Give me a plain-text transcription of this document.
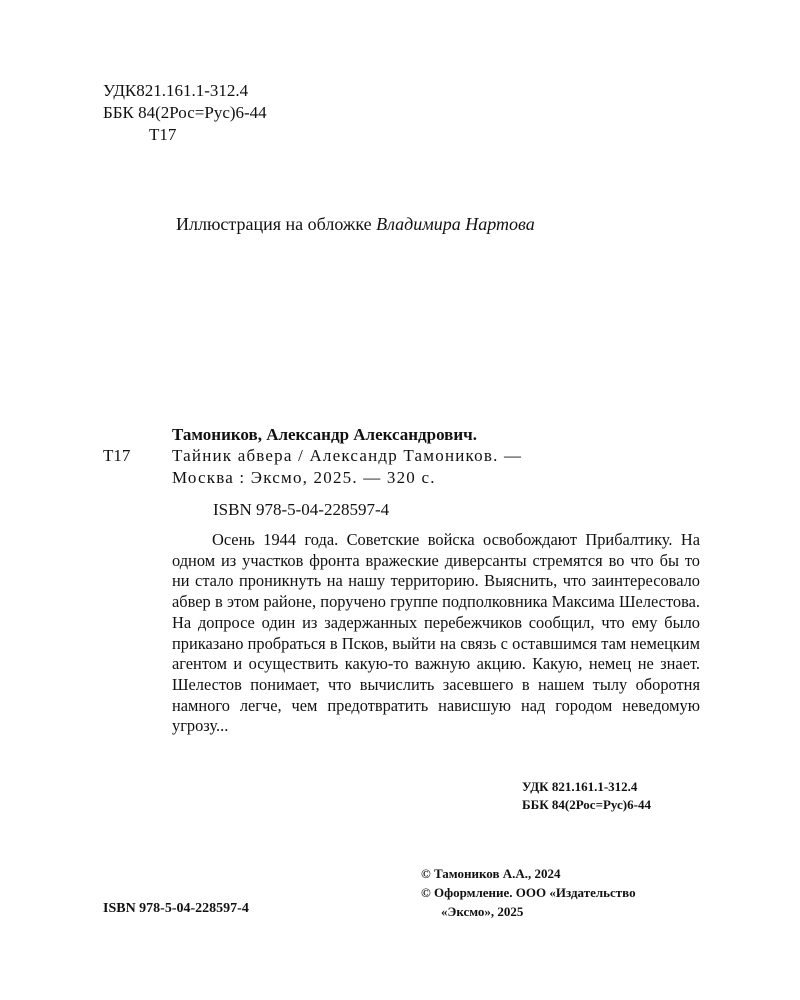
УДК821.161.1-312.4
ББК 84(2Рос=Рус)6-44
Т17
Иллюстрация на обложке Владимира Нартова
Т17
Тамоников, Александр Александрович.
Тайник абвера / Александр Тамоников. —
Москва : Эксмо, 2025. — 320 с.
ISBN 978-5-04-228597-4
Осень 1944 года. Советские войска освобождают Прибалтику. На одном из участков фронта вражеские диверсанты стремятся во что бы то ни стало проникнуть на нашу территорию. Выяснить, что заинтересовало абвер в этом районе, поручено группе подполковника Максима Шелестова. На допросе один из задержанных перебежчиков сообщил, что ему было приказано пробраться в Псков, выйти на связь с оставшимся там немецким агентом и осуществить какую-то важную акцию. Какую, немец не знает. Шелестов понимает, что вычислить засевшего в нашем тылу оборотня намного легче, чем предотвратить нависшую над городом неведомую угрозу...
УДК 821.161.1-312.4
ББК 84(2Рос=Рус)6-44
ISBN 978-5-04-228597-4
© Тамоников А.А., 2024
© Оформление. ООО «Издательство
«Эксмо», 2025
